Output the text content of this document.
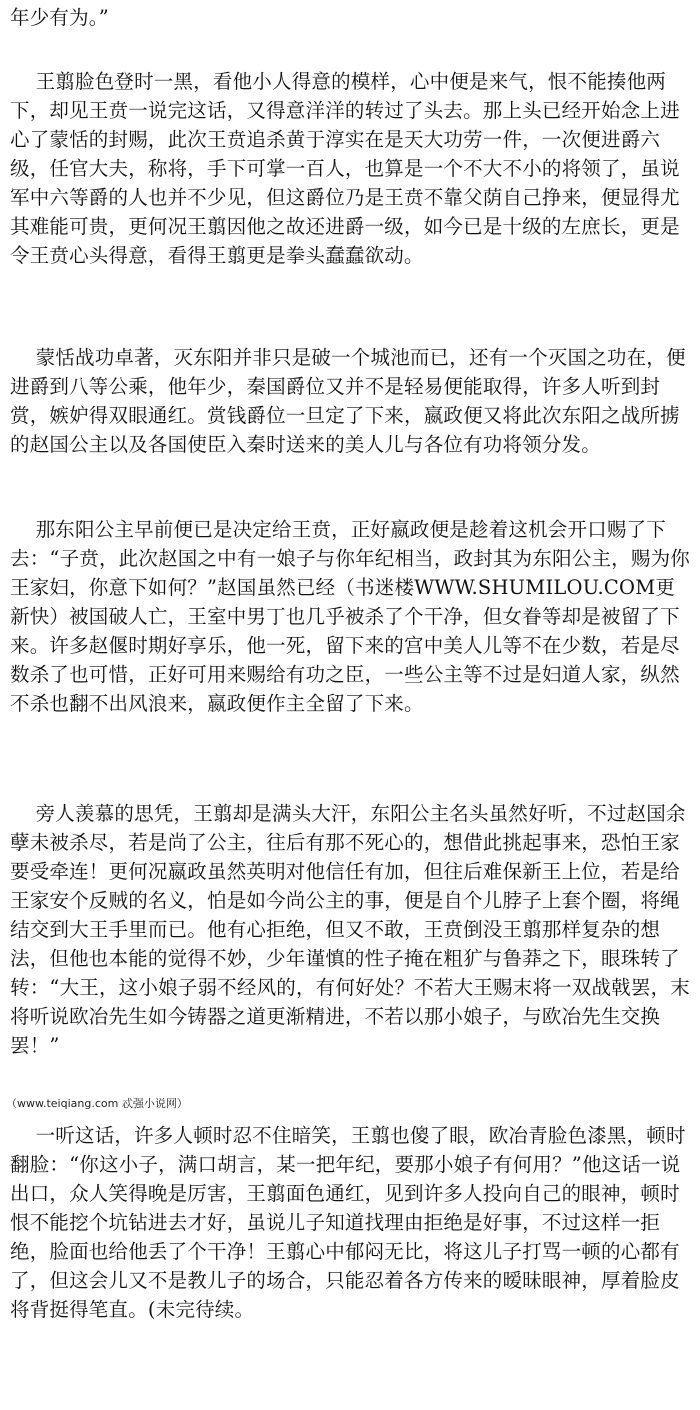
年少有为。”

王翦脸色登时一黑，看他小人得意的模样，心中便是来气，恨不能揍他两下，却见王贲一说完这话，又得意洋洋的转过了头去。那上头已经开始念上进心了蒙恬的封赐，此次王贲追杀黄于淳实在是天大功劳一件，一次便进爵六级，任官大夫，称将，手下可掌一百人，也算是一个不大不小的将领了，虽说军中六等爵的人也并不少见，但这爵位乃是王贲不靠父荫自己挣来，便显得尤其难能可贵，更何况王翦因他之故还进爵一级，如今已是十级的左庶长，更是令王贲心头得意，看得王翦更是拳头蠢蠢欲动。

蒙恬战功卓著，灭东阳并非只是破一个城池而已，还有一个灭国之功在，便进爵到八等公乘，他年少，秦国爵位又并不是轻易便能取得，许多人听到封赏，嫉妒得双眼通红。赏钱爵位一旦定了下来，嬴政便又将此次东阳之战所掳的赵国公主以及各国使臣入秦时送来的美人儿与各位有功将领分发。

那东阳公主早前便已是决定给王贲，正好嬴政便是趁着这机会开口赐了下去：“子贲，此次赵国之中有一娘子与你年纪相当，政封其为东阳公主，赐为你王家妇，你意下如何？”赵国虽然已经（书迷楼WWW.SHUMILOU.COM更新快）被国破人亡，王室中男丁也几乎被杀了个干净，但女眷等却是被留了下来。许多赵偃时期好享乐，他一死，留下来的宫中美人儿等不在少数，若是尽数杀了也可惜，正好可用来赐给有功之臣，一些公主等不过是妇道人家，纵然不杀也翻不出风浪来，嬴政便作主全留了下来。

旁人羡慕的思凭，王翦却是满头大汗，东阳公主名头虽然好听，不过赵国余孽未被杀尽，若是尚了公主，往后有那不死心的，想借此挑起事来，恐怕王家要受牵连！更何况嬴政虽然英明对他信任有加，但往后难保新王上位，若是给王家安个反贼的名义，怕是如今尚公主的事，便是自个儿脖子上套个圈，将绳结交到大王手里而已。他有心拒绝，但又不敢，王贲倒没王翦那样复杂的想法，但他也本能的觉得不妙，少年谨慎的性子掩在粗犷与鲁莽之下，眼珠转了转：“大王，这小娘子弱不经风的，有何好处？不若大王赐末将一双战戟罢，末将听说欧冶先生如今铸器之道更渐精进，不若以那小娘子，与欧冶先生交换罢！”

（www.teiqiang.com 忒强小说网）

一听这话，许多人顿时忍不住暗笑，王翦也傻了眼，欧冶青脸色漆黑，顿时翻脸：“你这小子，满口胡言，某一把年纪，要那小娘子有何用？”他这话一说出口，众人笑得晚是厉害，王翦面色通红，见到许多人投向自己的眼神，顿时恨不能挖个坑钻进去才好，虽说儿子知道找理由拒绝是好事，不过这样一拒绝，脸面也给他丢了个干净！王翦心中郁闷无比，将这儿子打骂一顿的心都有了，但这会儿又不是教儿子的场合，只能忍着各方传来的暧昧眼神，厚着脸皮将背挺得笔直。(未完待续。
